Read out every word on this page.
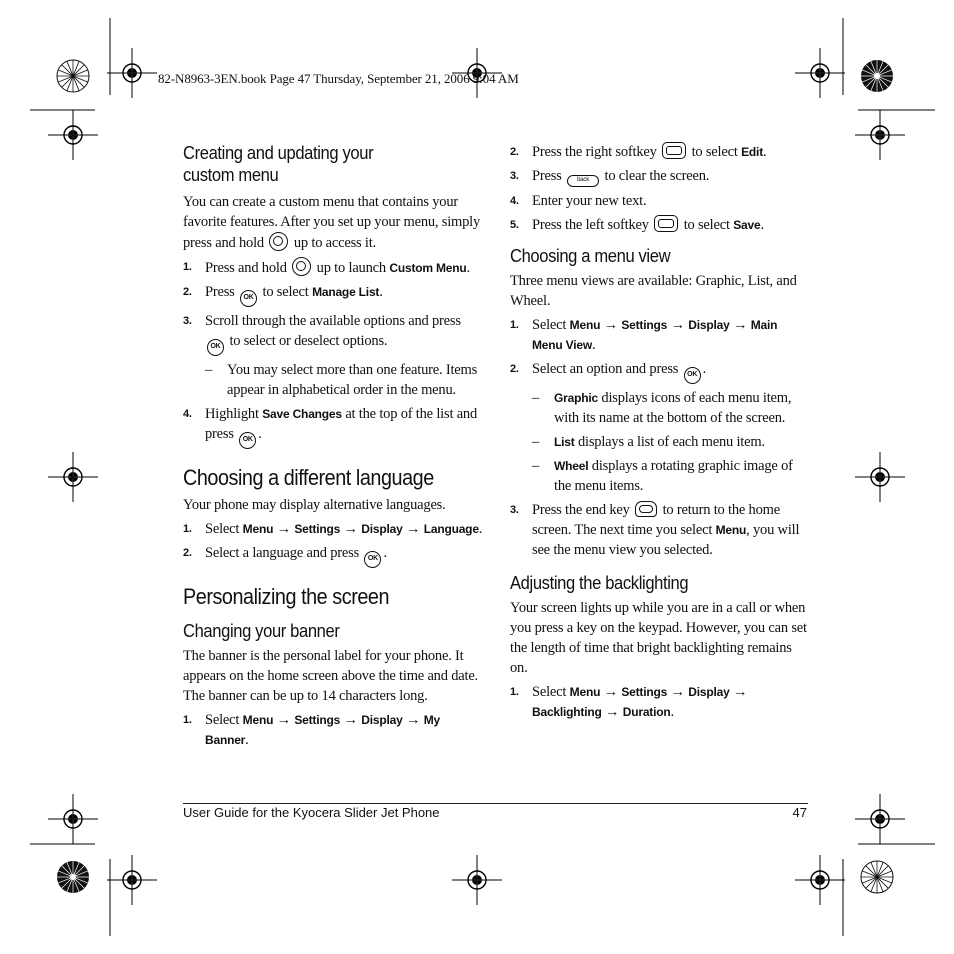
82-N8963-3EN.book Page 47 Thursday, September 21, 2006 9:04 AM
Creating and updating your custom menu

You can create a custom menu that contains your favorite features. After you set up your menu, simply press and hold up to access it.

1. Press and hold up to launch Custom Menu.
2. Press OK to select Manage List.
3. Scroll through the available options and press OK to select or deselect options.
– You may select more than one feature. Items appear in alphabetical order in the menu.
4. Highlight Save Changes at the top of the list and press OK .
Choosing a different language

Your phone may display alternative languages.

1. Select Menu → Settings → Display → Language.
2. Select a language and press OK .
Personalizing the screen
Changing your banner

The banner is the personal label for your phone. It appears on the home screen above the time and date. The banner can be up to 14 characters long.

1. Select Menu → Settings → Display → My Banner.
2. Press the right softkey to select Edit.
3. Press	back to clear the screen.
4. Enter your new text.
5. Press the left softkey to select Save.
Choosing a menu view

Three menu views are available: Graphic, List, and Wheel.

1. Select Menu → Settings → Display → Main Menu View.
2. Select an option and press OK .
– Graphic displays icons of each menu item, with its name at the bottom of the screen.
– List displays a list of each menu item.
– Wheel displays a rotating graphic image of the menu items.
3. Press the end key to return to the home screen. The next time you select Menu, you will see the menu view you selected.
Adjusting the backlighting

Your screen lights up while you are in a call or when you press a key on the keypad. However, you can set the length of time that bright backlighting remains on.

1. Select Menu → Settings → Display → Backlighting → Duration.
User Guide for the Kyocera Slider Jet Phone	47
